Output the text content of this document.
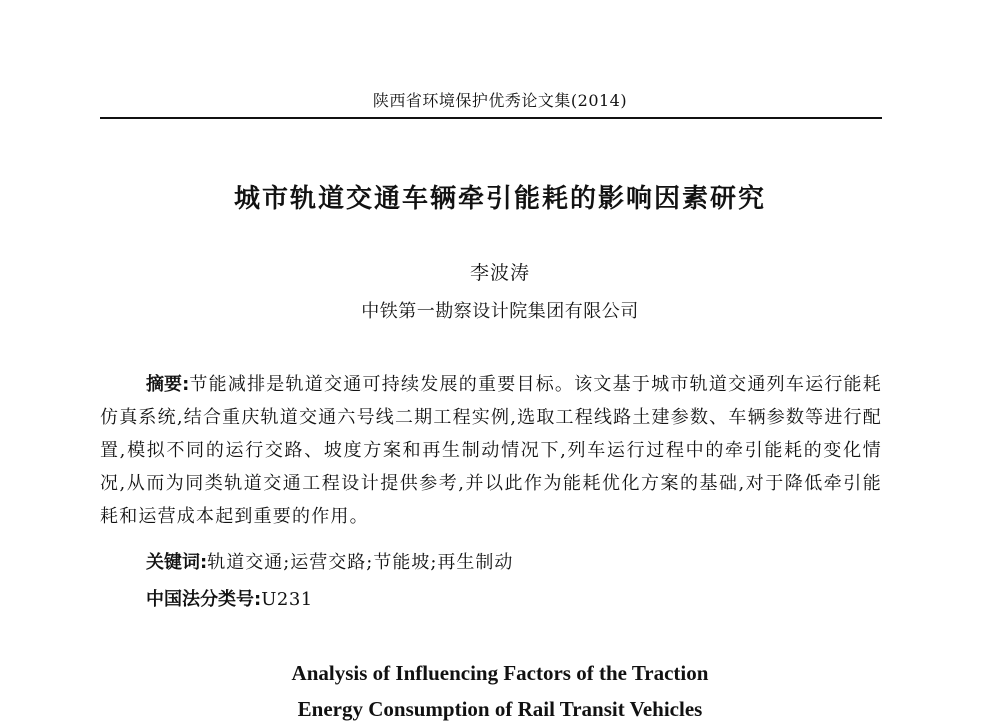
陕西省环境保护优秀论文集(2014)
城市轨道交通车辆牵引能耗的影响因素研究
李波涛
中铁第一勘察设计院集团有限公司
摘要:节能减排是轨道交通可持续发展的重要目标。该文基于城市轨道交通列车运行能耗仿真系统,结合重庆轨道交通六号线二期工程实例,选取工程线路土建参数、车辆参数等进行配置,模拟不同的运行交路、坡度方案和再生制动情况下,列车运行过程中的牵引能耗的变化情况,从而为同类轨道交通工程设计提供参考,并以此作为能耗优化方案的基础,对于降低牵引能耗和运营成本起到重要的作用。
关键词:轨道交通;运营交路;节能坡;再生制动
中国法分类号:U231
Analysis of Influencing Factors of the Traction
Energy Consumption of Rail Transit Vehicles
